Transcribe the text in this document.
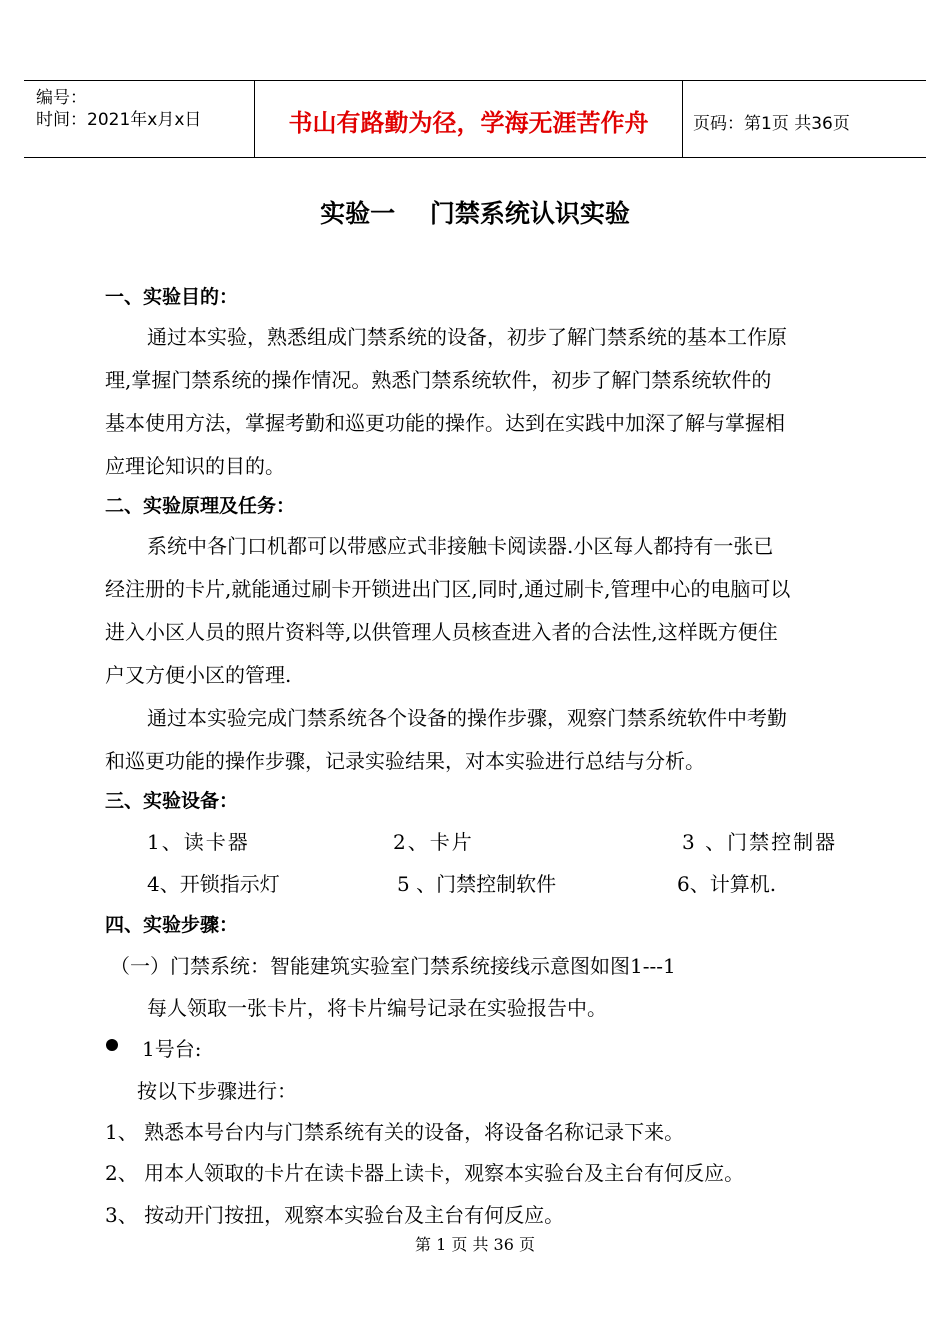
编号：
时间：2021年x月x日	书山有路勤为径，学海无涯苦作舟	页码：第1页 共36页
实验一    门禁系统认识实验
一、实验目的：
通过本实验，熟悉组成门禁系统的设备，初步了解门禁系统的基本工作原
理,掌握门禁系统的操作情况。熟悉门禁系统软件，初步了解门禁系统软件的
基本使用方法，掌握考勤和巡更功能的操作。达到在实践中加深了解与掌握相
应理论知识的目的。
二、实验原理及任务：
系统中各门口机都可以带感应式非接触卡阅读器.小区每人都持有一张已
经注册的卡片,就能通过刷卡开锁进出门区,同时,通过刷卡,管理中心的电脑可以
进入小区人员的照片资料等,以供管理人员核查进入者的合法性,这样既方便住
户又方便小区的管理.
通过本实验完成门禁系统各个设备的操作步骤，观察门禁系统软件中考勤
和巡更功能的操作步骤，记录实验结果，对本实验进行总结与分析。
三、实验设备：
1、读卡器	2、卡片	3 、门禁控制器
4、开锁指示灯	5 、门禁控制软件	6、计算机.
四、实验步骤：
（一）门禁系统：智能建筑实验室门禁系统接线示意图如图1---1
每人领取一张卡片，将卡片编号记录在实验报告中。
1号台:
按以下步骤进行：
1、 熟悉本号台内与门禁系统有关的设备，将设备名称记录下来。
2、 用本人领取的卡片在读卡器上读卡，观察本实验台及主台有何反应。
3、 按动开门按扭，观察本实验台及主台有何反应。
第 1 页 共 36 页
